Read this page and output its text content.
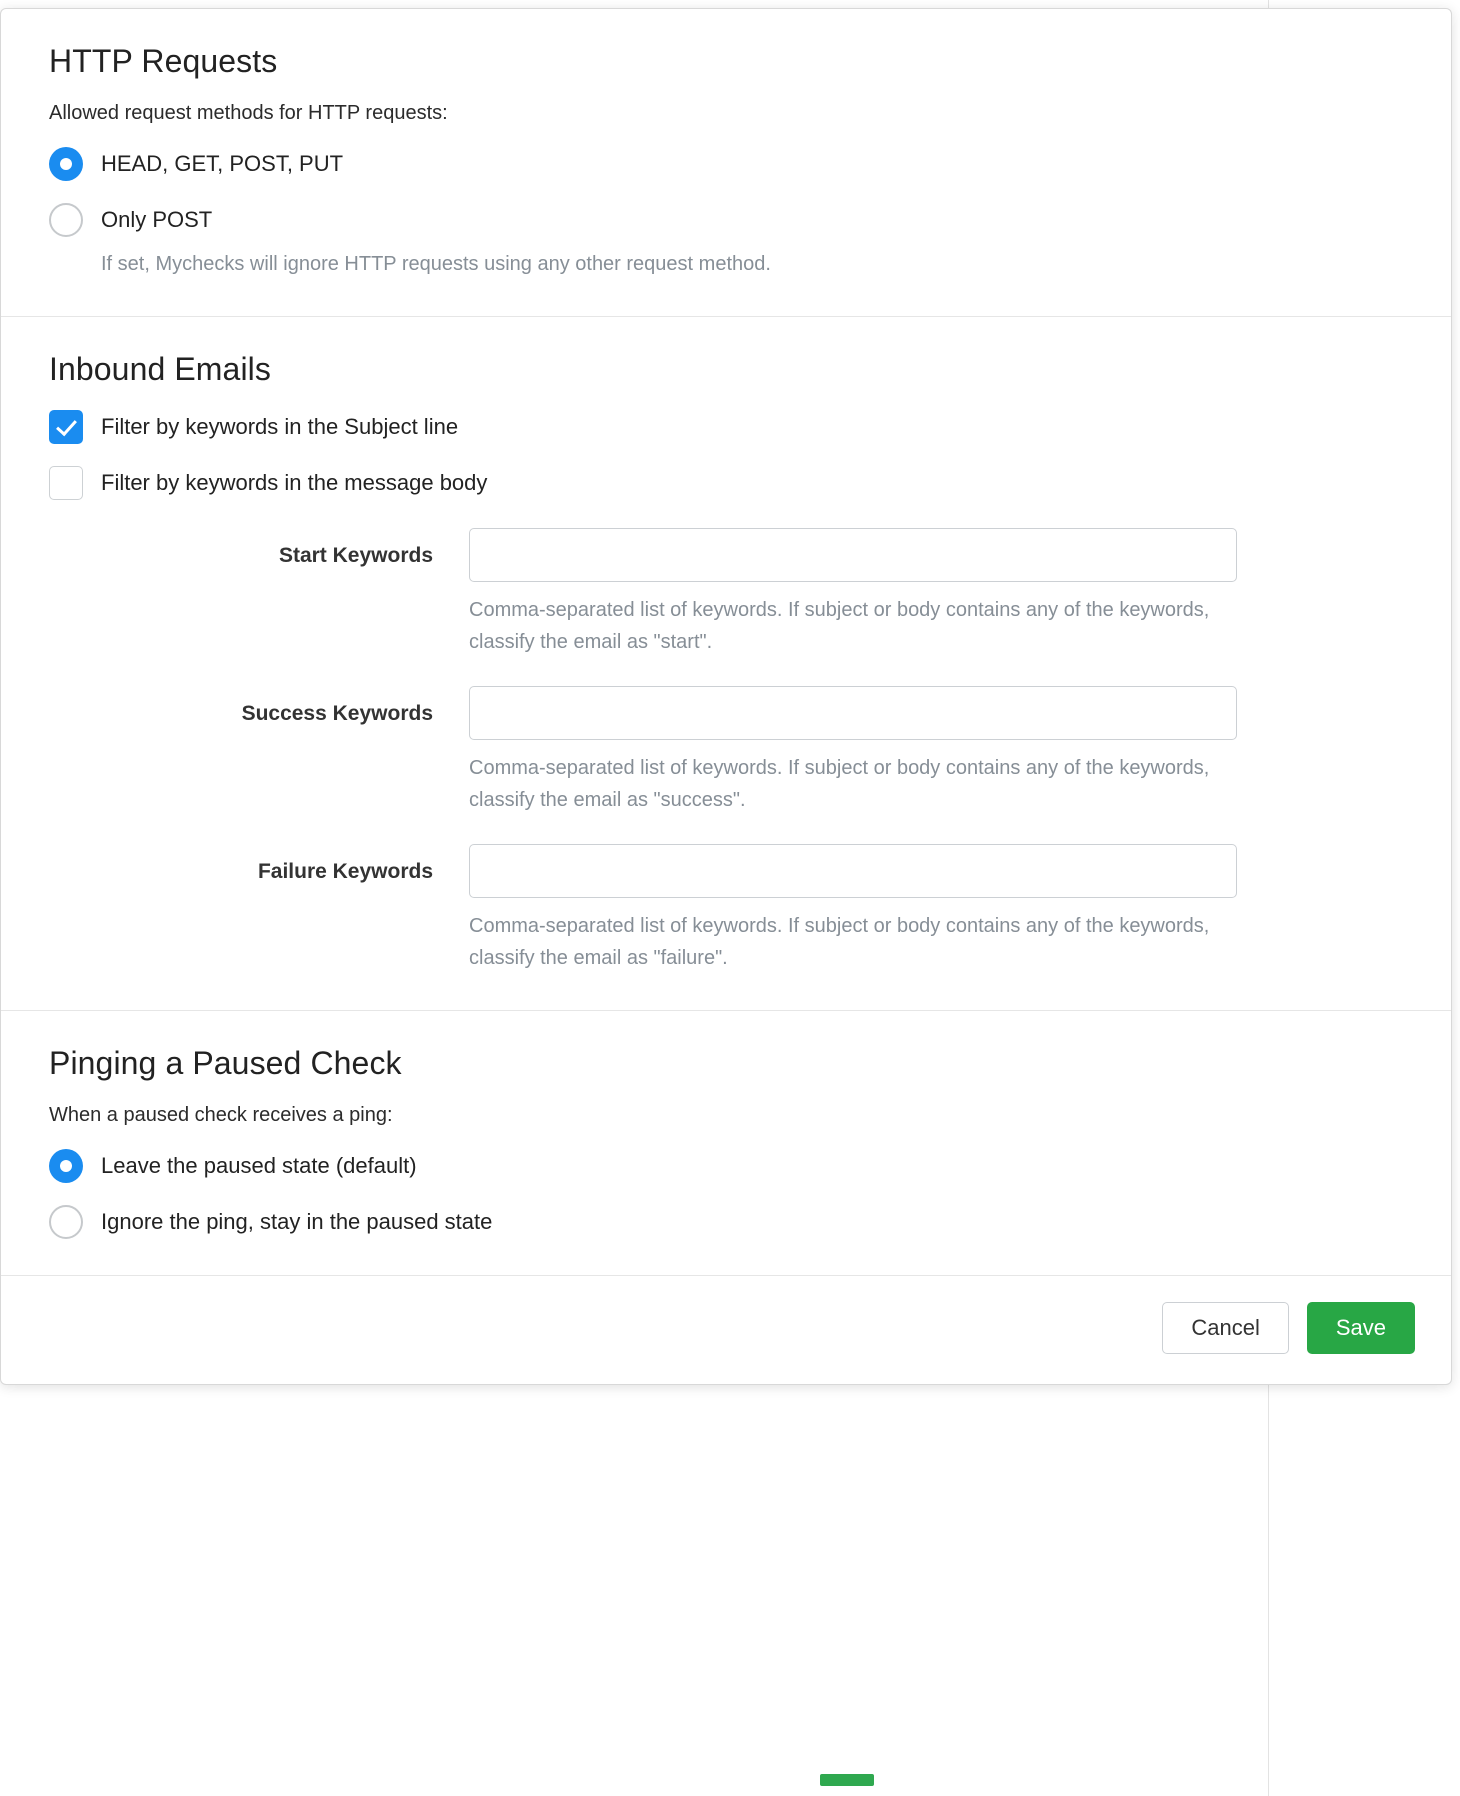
HTTP Requests

Allowed request methods for HTTP requests:

HEAD, GET, POST, PUT
Only POST
If set, Mychecks will ignore HTTP requests using any other request method.
Inbound Emails
Filter by keywords in the Subject line
Filter by keywords in the message body
Start Keywords
Comma-separated list of keywords. If subject or body contains any of the keywords, classify the email as "start".
Success Keywords
Comma-separated list of keywords. If subject or body contains any of the keywords, classify the email as "success".
Failure Keywords
Comma-separated list of keywords. If subject or body contains any of the keywords, classify the email as "failure".
Pinging a Paused Check

When a paused check receives a ping:

Leave the paused state (default)
Ignore the ping, stay in the paused state
Cancel	Save
